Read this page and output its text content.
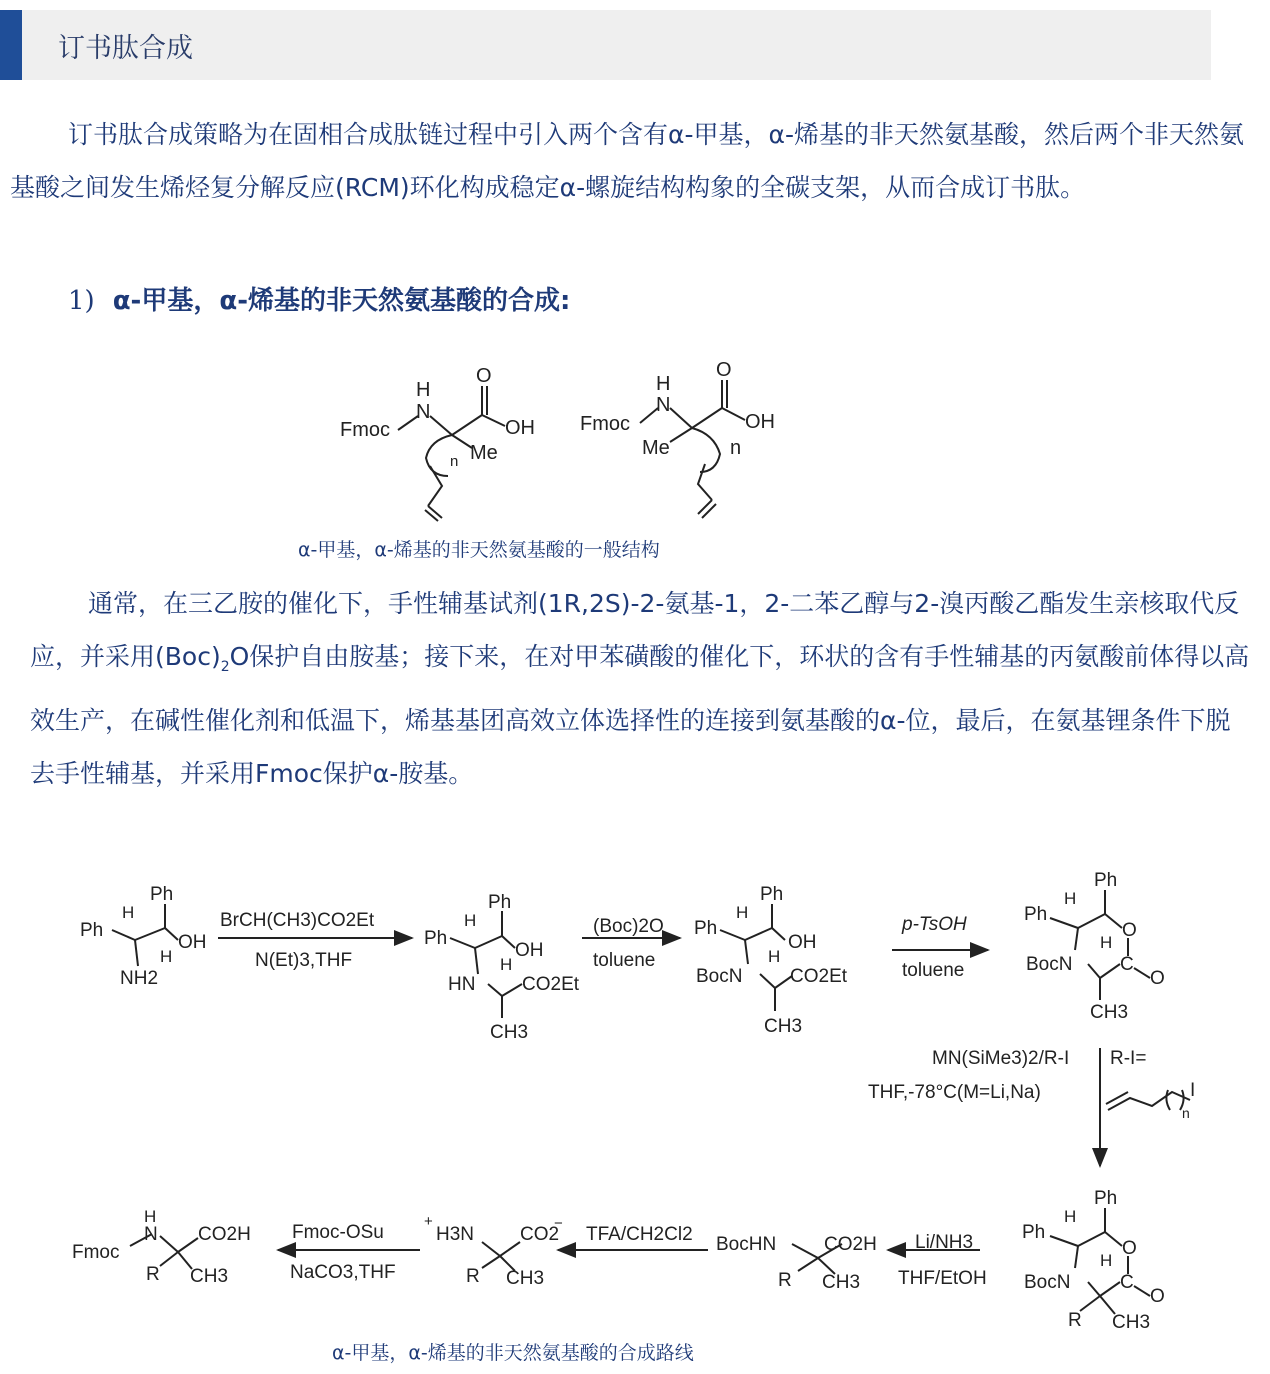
订书肽合成
订书肽合成策略为在固相合成肽链过程中引入两个含有α-甲基，α-烯基的非天然氨基酸，然后两个非天然氨基酸之间发生烯烃复分解反应(RCM)环化构成稳定α-螺旋结构构象的全碳支架，从而合成订书肽。
1) α-甲基，α-烯基的非天然氨基酸的合成:
Fmoc
H
N
O
OH
Me
n
Fmoc
H
N
O
OH
Me	n
α-甲基，α-烯基的非天然氨基酸的一般结构
通常，在三乙胺的催化下，手性辅基试剂(1R,2S)-2-氨基-1，2-二苯乙醇与2-溴丙酸乙酯发生亲核取代反应，并采用$(Boc)_2O$保护自由胺基；接下来，在对甲苯磺酸的催化下，环状的含有手性辅基的丙氨酸前体得以高效生产，在碱性催化剂和低温下，烯基基团高效立体选择性的连接到氨基酸的α-位，最后，在氨基锂条件下脱去手性辅基，并采用Fmoc保护α-胺基。
Ph
Ph
H
H
OH
NH2
BrCH(CH3)CO2Et
N(Et)3,THF
Ph
Ph
H
H
OH
HN CO2Et
CH3
(Boc)2O
toluene
Ph
Ph
H
H
OH
BocN	CO2Et
CH3
p-TsOH
toluene
Ph
Ph
H
H
O
BocN	C
O
CH3
MN(SiMe3)2/R-I
THF,-78°C(M=Li,Na)
R-I=
I
n
Ph
Ph
H
H
O
BocN	C
O
R CH3
Li/NH3
THF/EtOH
BocHN	CO2H
R CH3
TFA/CH2Cl2
+
H3N CO2
−
R CH3
Fmoc-OSu
NaCO3,THF
Fmoc
H
N CO2H
R CH3
α-甲基，α-烯基的非天然氨基酸的合成路线
